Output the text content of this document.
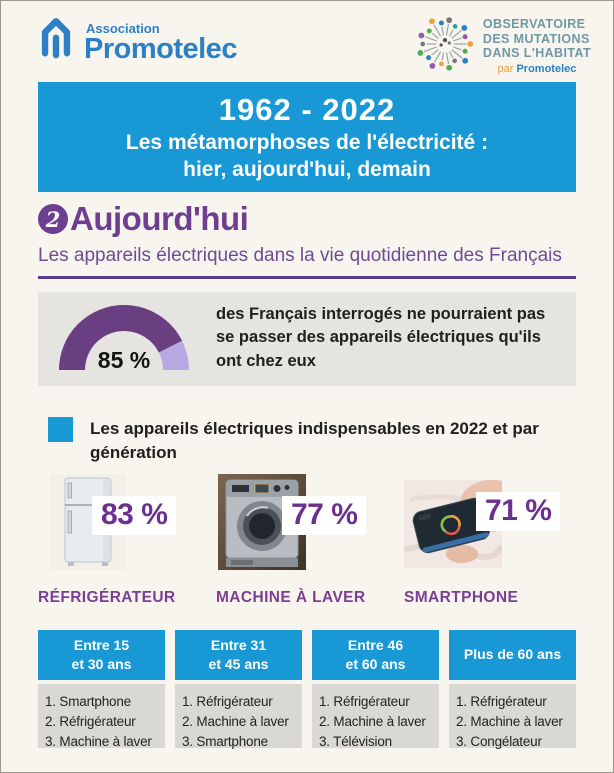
Association
Promotelec
OBSERVATOIRE
DES MUTATIONS
DANS L'HABITAT
par Promotelec
1962 - 2022
Les métamorphoses de l'électricité :
hier, aujourd'hui, demain
2 Aujourd'hui
Les appareils électriques dans la vie quotidienne des Français
85 %
des Français interrogés ne pourraient pas se passer des appareils électriques qu'ils ont chez eux
Les appareils électriques indispensables en 2022 et par génération
83 %
RÉFRIGÉRATEUR
77 %
MACHINE À LAVER
71 %
SMARTPHONE
Entre 15
et 30 ans
1. Smartphone
2. Réfrigérateur
3. Machine à laver
Entre 31
et 45 ans
1. Réfrigérateur
2. Machine à laver
3. Smartphone
Entre 46
et 60 ans
1. Réfrigérateur
2. Machine à laver
3. Télévision
Plus de 60 ans
1. Réfrigérateur
2. Machine à laver
3. Congélateur
